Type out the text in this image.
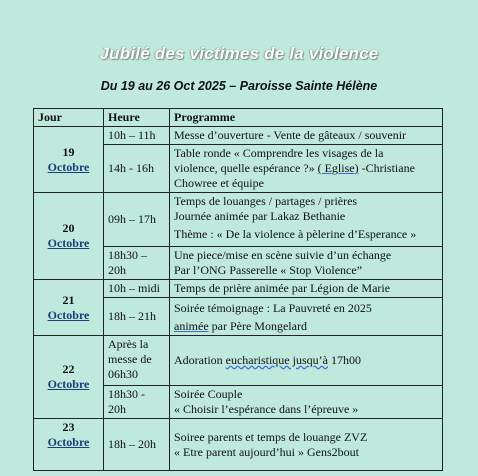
Jubilé des victimes de la violence
Du 19 au 26 Oct 2025 – Paroisse Sainte Hélène
Jour	Heure	Programme

19
Octobre	10h – 11h	Messe d’ouverture - Vente de gâteaux / souvenir

	14h - 16h	Table ronde « Comprendre les visages de la
violence, quelle espérance ?» ( Eglise) -Christiane
Chowree et équipe

20
Octobre	09h – 17h	Temps de louanges / partages / prières
Journée animée par Lakaz Bethanie
Thème : « De la violence à pèlerine d’Esperance »

	18h30 – 20h	Une piece/mise en scène suivie d’un échange
Par l’ONG Passerelle « Stop Violence”

21
Octobre	10h – midi	Temps de prière animée par Légion de Marie

	18h – 21h	Soirée témoignage : La Pauvreté en 2025
animée par Père Mongelard

22
Octobre	Après la messe de 06h30	Adoration eucharistique jusqu’à 17h00

	18h30 - 20h	Soirée Couple
« Choisir l’espérance dans l’épreuve »

23
Octobre	18h – 20h	Soiree parents et temps de louange ZVZ
« Etre parent aujourd’hui » Gens2bout
